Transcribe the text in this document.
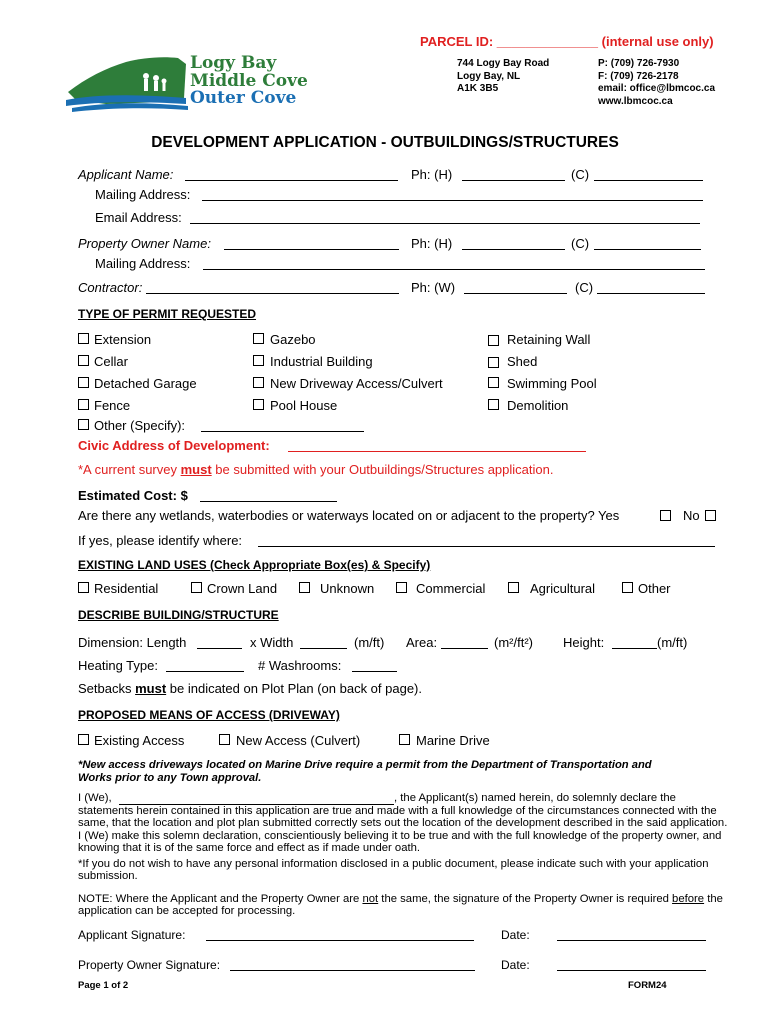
PARCEL ID: ______________ (internal use only)
Logy Bay
Middle Cove
Outer Cove
744 Logy Bay Road
Logy Bay, NL
A1K 3B5
P: (709) 726-7930
F: (709) 726-2178
email: office@lbmcoc.ca
www.lbmcoc.ca
DEVELOPMENT APPLICATION - OUTBUILDINGS/STRUCTURES
Applicant Name:	Ph: (H)	(C)
Mailing Address:
Email Address:
Property Owner Name:	Ph: (H)	(C)
Mailing Address:
Contractor:	Ph: (W)	(C)
TYPE OF PERMIT REQUESTED
Extension	Gazebo	Retaining Wall
Cellar	Industrial Building	Shed
Detached Garage	New Driveway Access/Culvert	Swimming Pool
Fence	Pool House	Demolition
Other (Specify):
Civic Address of Development:
*A current survey must be submitted with your Outbuildings/Structures application.
Estimated Cost: $
Are there any wetlands, waterbodies or waterways located on or adjacent to the property? Yes	No
If yes, please identify where:
EXISTING LAND USES (Check Appropriate Box(es) & Specify)
Residential	Crown Land	Unknown	Commercial	Agricultural	Other
DESCRIBE BUILDING/STRUCTURE
Dimension: Length	x Width	(m/ft) Area:	(m²/ft²) Height:	(m/ft)
Heating Type:	# Washrooms:
Setbacks must be indicated on Plot Plan (on back of page).
PROPOSED MEANS OF ACCESS (DRIVEWAY)
Existing Access	New Access (Culvert)	Marine Drive
*New access driveways located on Marine Drive require a permit from the Department of Transportation and
Works prior to any Town approval.
I (We),	, the Applicant(s) named herein, do solemnly declare the
statements herein contained in this application are true and made with a full knowledge of the circumstances connected with the same, that the location and plot plan submitted correctly sets out the location of the development described in the said application. I (We) make this solemn declaration, conscientiously believing it to be true and with the full knowledge of the property owner, and knowing that it is of the same force and effect as if made under oath.
*If you do not wish to have any personal information disclosed in a public document, please indicate such with your application submission.
NOTE: Where the Applicant and the Property Owner are not the same, the signature of the Property Owner is required before the application can be accepted for processing.
Applicant Signature:	Date:
Property Owner Signature:	Date:
Page 1 of 2	FORM24
